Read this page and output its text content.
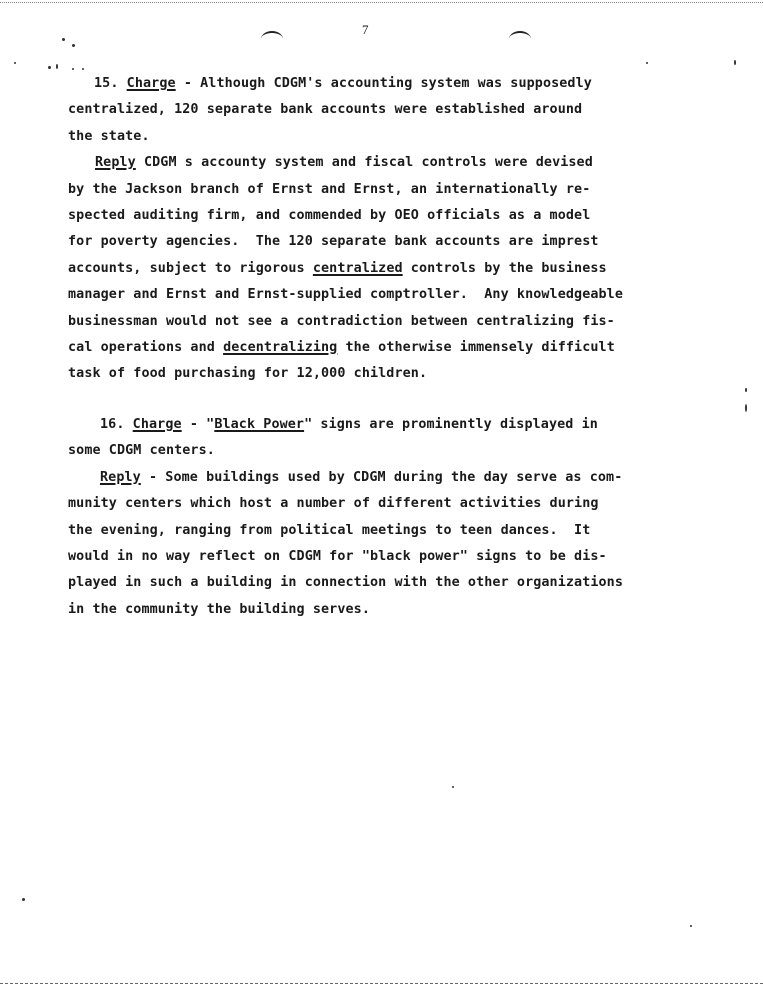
7
15. Charge - Although CDGM's accounting system was supposedly
centralized, 120 separate bank accounts were established around
the state.
Reply CDGM s accounty system and fiscal controls were devised
by the Jackson branch of Ernst and Ernst, an internationally re-
spected auditing firm, and commended by OEO officials as a model
for poverty agencies.  The 120 separate bank accounts are imprest
accounts, subject to rigorous centralized controls by the business
manager and Ernst and Ernst-supplied comptroller.  Any knowledgeable
businessman would not see a contradiction between centralizing fis-
cal operations and decentralizing the otherwise immensely difficult
task of food purchasing for 12,000 children.
16. Charge - "Black Power" signs are prominently displayed in
some CDGM centers.
Reply - Some buildings used by CDGM during the day serve as com-
munity centers which host a number of different activities during
the evening, ranging from political meetings to teen dances.  It
would in no way reflect on CDGM for "black power" signs to be dis-
played in such a building in connection with the other organizations
in the community the building serves.
